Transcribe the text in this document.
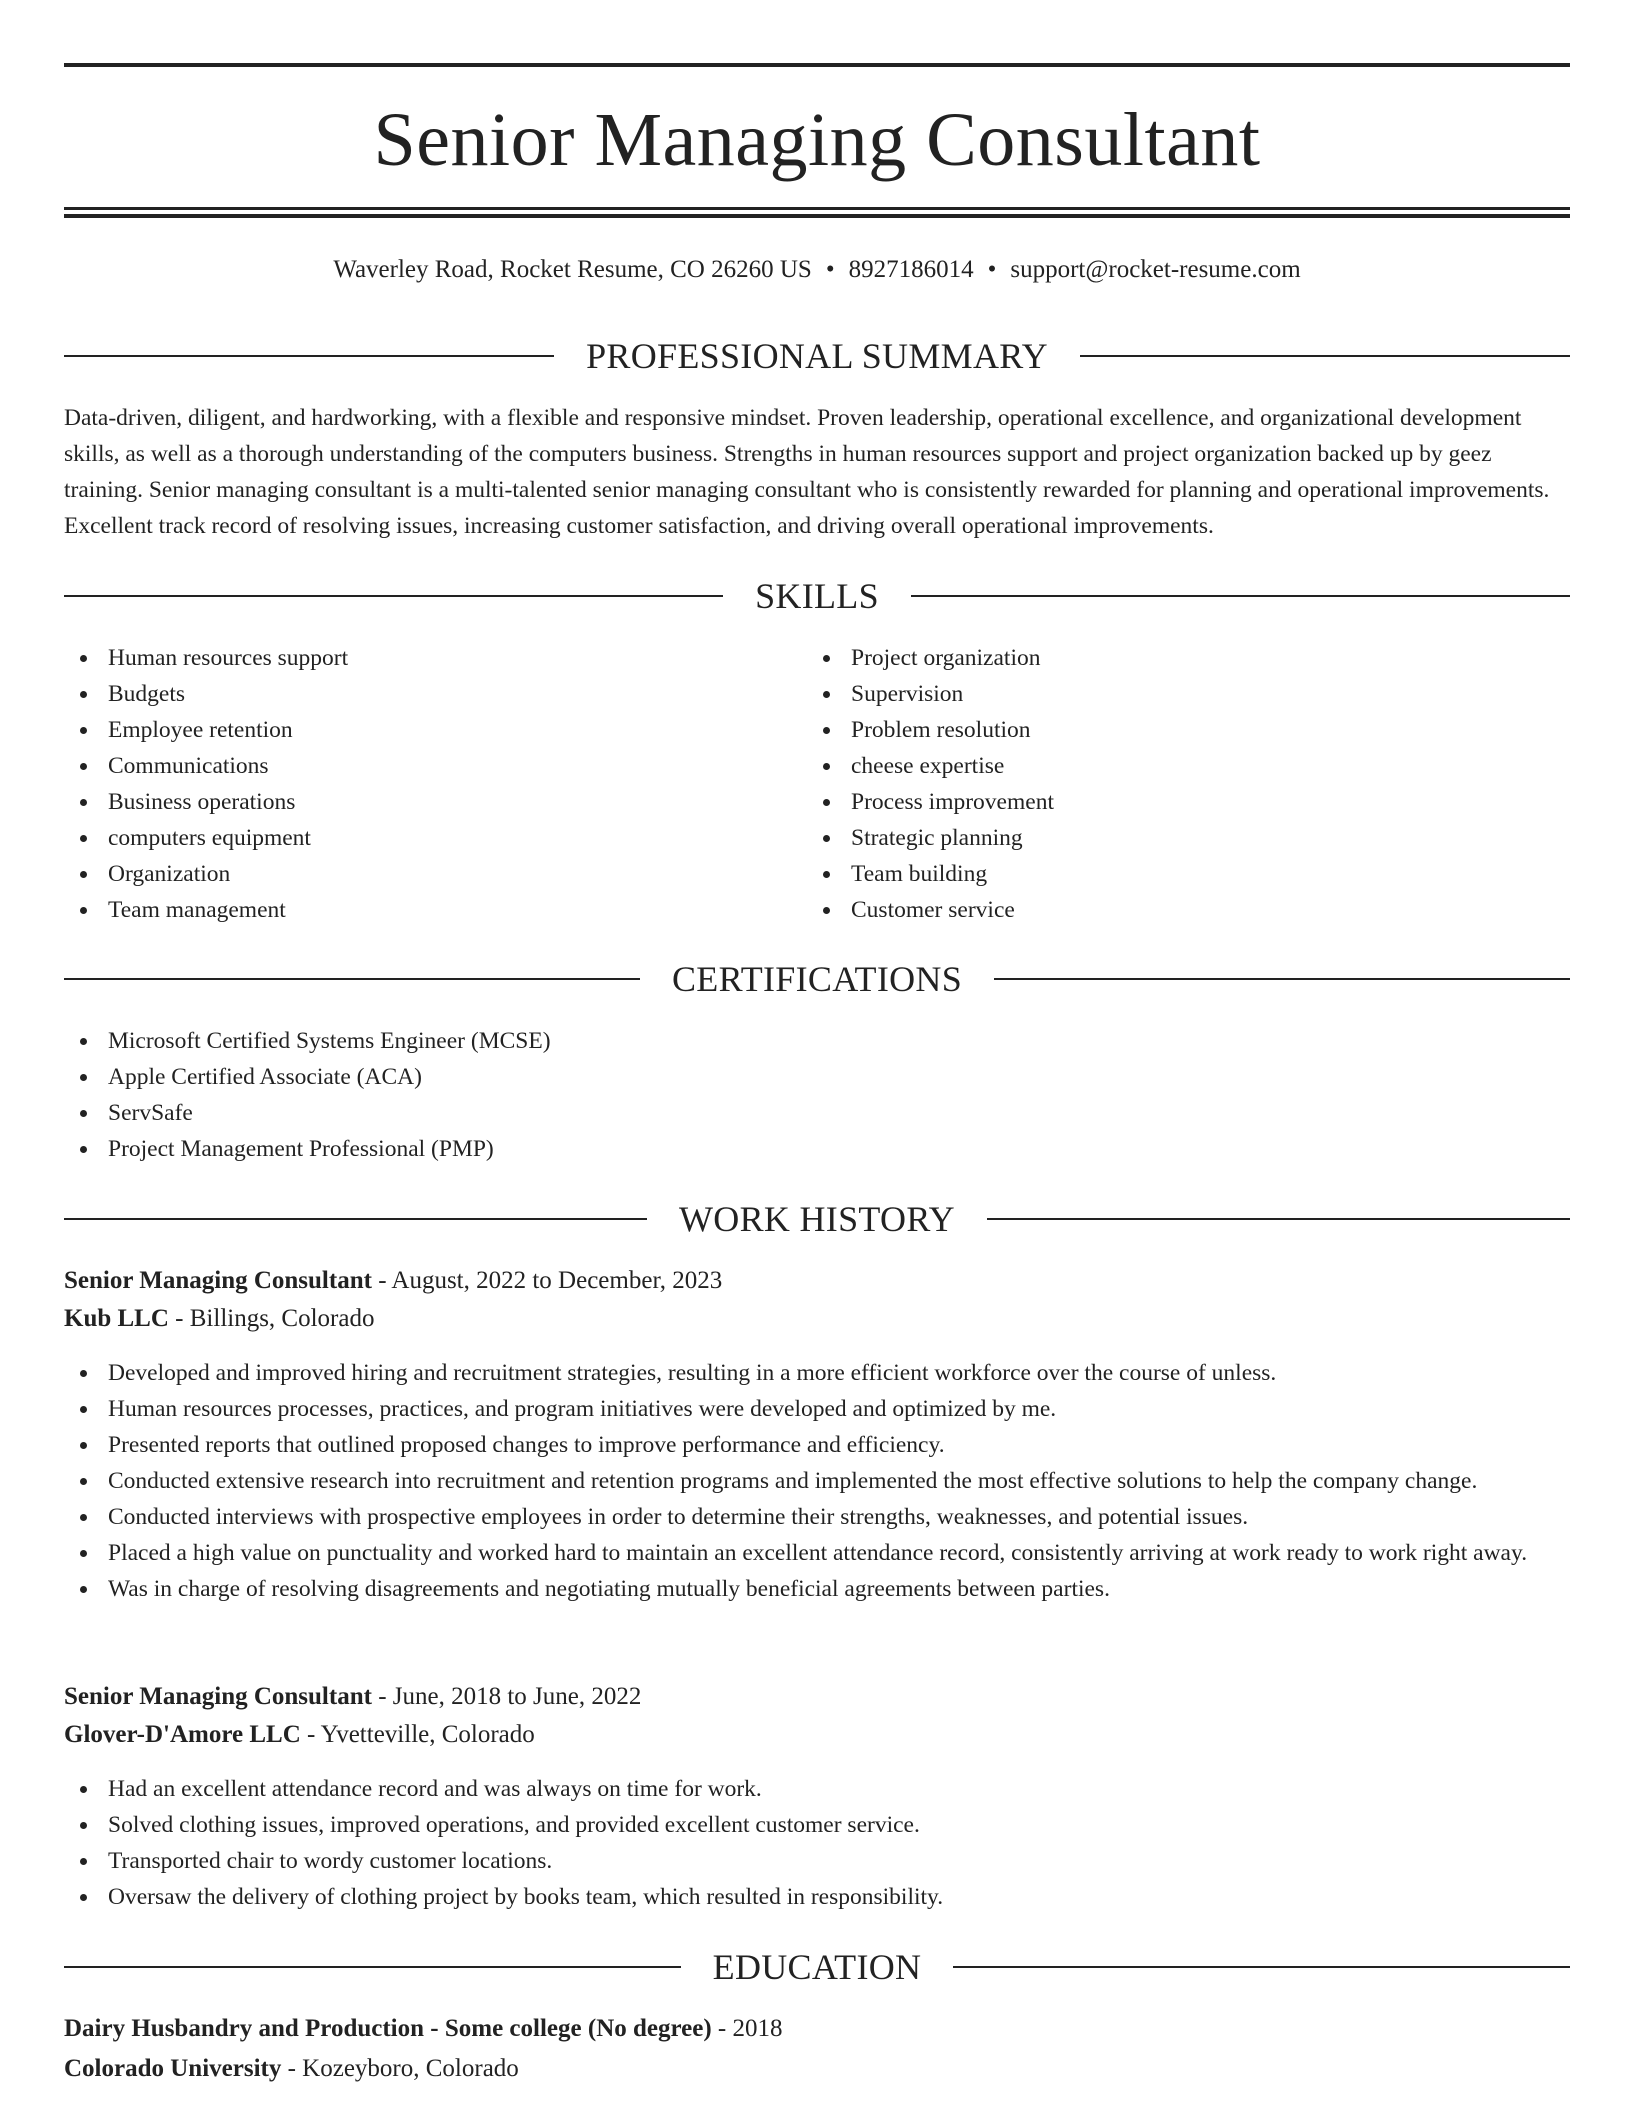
Senior Managing Consultant
Waverley Road, Rocket Resume, CO 26260 US • 8927186014 • support@rocket-resume.com
PROFESSIONAL SUMMARY

Data-driven, diligent, and hardworking, with a flexible and responsive mindset. Proven leadership, operational excellence, and organizational development skills, as well as a thorough understanding of the computers business. Strengths in human resources support and project organization backed up by geez training. Senior managing consultant is a multi-talented senior managing consultant who is consistently rewarded for planning and operational improvements. Excellent track record of resolving issues, increasing customer satisfaction, and driving overall operational improvements.

SKILLS
Human resources support
Budgets
Employee retention
Communications
Business operations
computers equipment
Organization
Team management
Project organization
Supervision
Problem resolution
cheese expertise
Process improvement
Strategic planning
Team building
Customer service
CERTIFICATIONS
Microsoft Certified Systems Engineer (MCSE)
Apple Certified Associate (ACA)
ServSafe
Project Management Professional (PMP)
WORK HISTORY
Senior Managing Consultant - August, 2022 to December, 2023
Kub LLC - Billings, Colorado
Developed and improved hiring and recruitment strategies, resulting in a more efficient workforce over the course of unless.
Human resources processes, practices, and program initiatives were developed and optimized by me.
Presented reports that outlined proposed changes to improve performance and efficiency.
Conducted extensive research into recruitment and retention programs and implemented the most effective solutions to help the company change.
Conducted interviews with prospective employees in order to determine their strengths, weaknesses, and potential issues.
Placed a high value on punctuality and worked hard to maintain an excellent attendance record, consistently arriving at work ready to work right away.
Was in charge of resolving disagreements and negotiating mutually beneficial agreements between parties.
Senior Managing Consultant - June, 2018 to June, 2022
Glover-D'Amore LLC - Yvetteville, Colorado
Had an excellent attendance record and was always on time for work.
Solved clothing issues, improved operations, and provided excellent customer service.
Transported chair to wordy customer locations.
Oversaw the delivery of clothing project by books team, which resulted in responsibility.
EDUCATION
Dairy Husbandry and Production - Some college (No degree) - 2018
Colorado University - Kozeyboro, Colorado
